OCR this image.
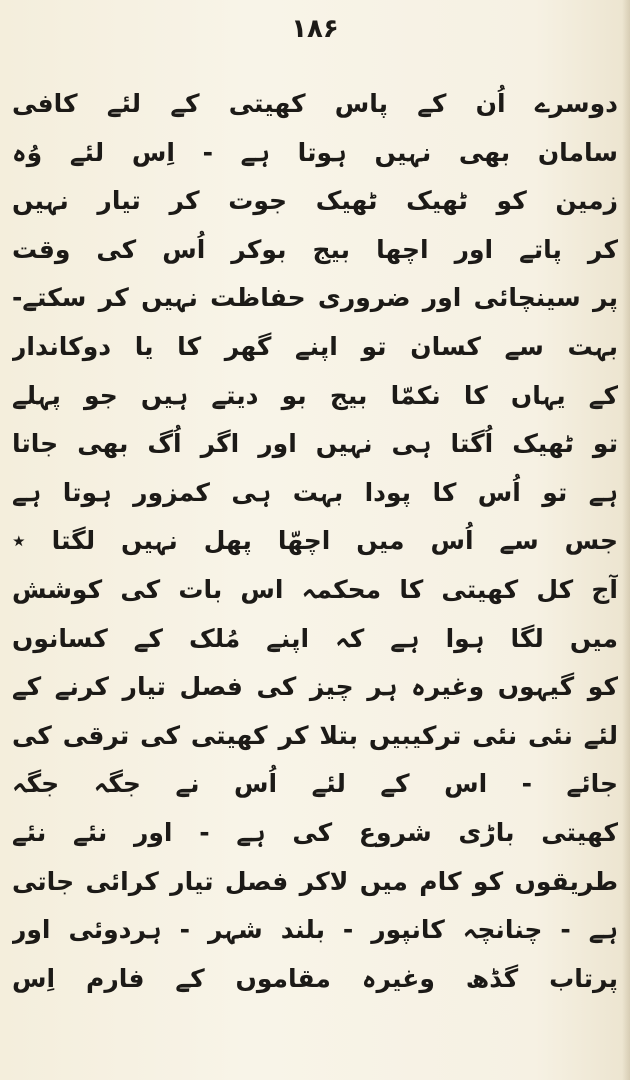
۱۸۶
دوسرے اُن کے پاس کھیتی کے لئے کافی
سامان بھی نہیں ہوتا ہے - اِس لئے وُہ
زمین کو ٹھیک ٹھیک جوت کر تیار نہیں
کر پاتے اور اچھا بیج بوکر اُس کی وقت
پر سینچائی اور ضروری حفاظت نہیں کر سکتے-
بہت سے کسان تو اپنے گھر کا یا دوکاندار
کے یہاں کا نکمّا بیج بو دیتے ہیں جو پہلے
تو ٹھیک اُگتا ہی نہیں اور اگر اُگ بھی جاتا
ہے تو اُس کا پودا بہت ہی کمزور ہوتا ہے
جس سے اُس میں اچھّا پھل نہیں لگتا ٭
آج کل کھیتی کا محکمہ اس بات کی کوشش
میں لگا ہوا ہے کہ اپنے مُلک کے کسانوں
کو گیہوں وغیرہ ہر چیز کی فصل تیار کرنے کے
لئے نئی نئی ترکیبیں بتلا کر کھیتی کی ترقی کی
جائے - اس کے لئے اُس نے جگہ جگہ
کھیتی باڑی شروع کی ہے - اور نئے نئے
طریقوں کو کام میں لاکر فصل تیار کرائی جاتی
ہے - چنانچہ کانپور - بلند شہر - ہردوئی اور
پرتاب گڈھ وغیرہ مقاموں کے فارم اِس
